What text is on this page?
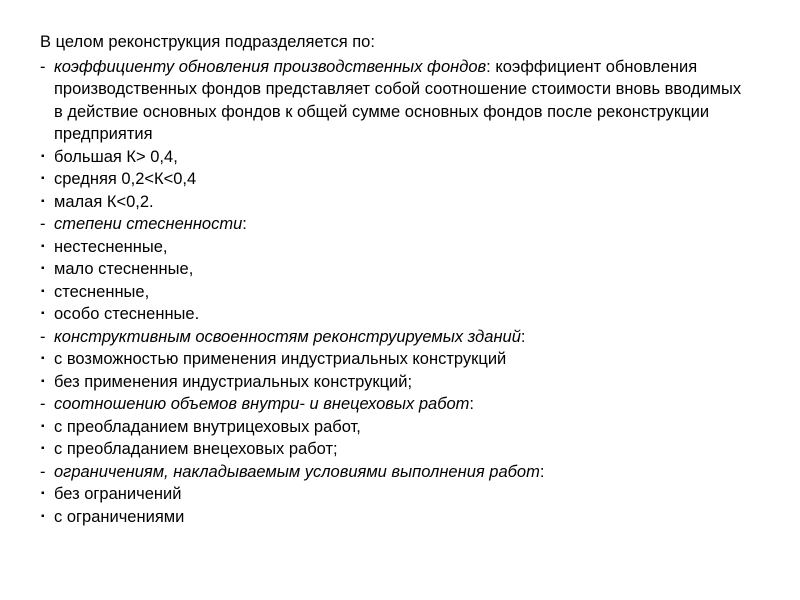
В целом реконструкция подразделяется по:
- коэффициенту обновления производственных фондов: коэффициент обновления производственных фондов представляет собой соотношение стоимости вновь вводимых в действие основных фондов к общей сумме основных фондов после реконструкции предприятия
▪ большая К> 0,4,
▪ средняя 0,2<К<0,4
▪ малая К<0,2.
- степени стесненности:
▪ нестесненные,
▪ мало стесненные,
▪ стесненные,
▪ особо стесненные.
- конструктивным освоенностям реконструируемых зданий:
▪ с возможностью применения индустриальных конструкций
▪ без применения индустриальных конструкций;
- соотношению объемов внутри- и внецеховых работ:
▪ с преобладанием внутрицеховых работ,
▪ с преобладанием внецеховых работ;
- ограничениям, накладываемым условиями выполнения работ:
▪ без ограничений
▪ с ограничениями
